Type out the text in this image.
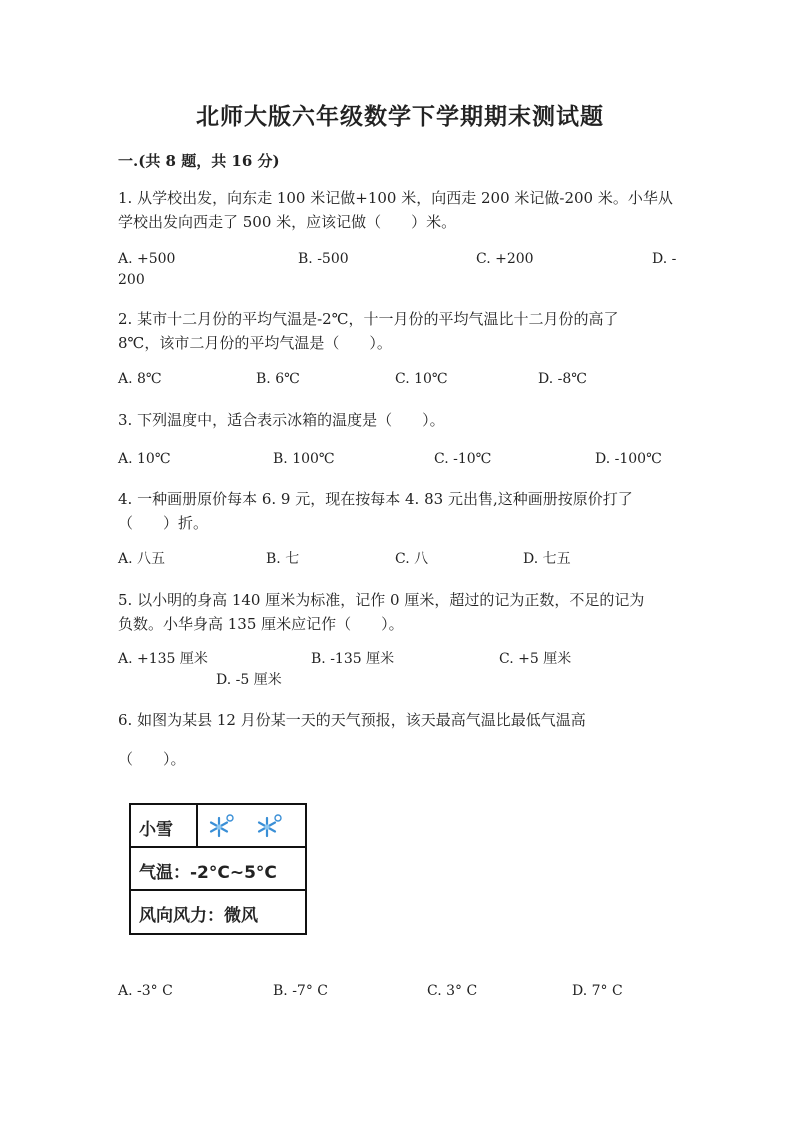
北师大版六年级数学下学期期末测试题
一.(共 8 题，共 16 分)
1. 从学校出发，向东走 100 米记做+100 米，向西走 200 米记做-200 米。小华从
学校出发向西走了 500 米，应该记做（　　）米。
A. +500	B. -500	C. +200	D. -
200
2. 某市十二月份的平均气温是-2℃，十一月份的平均气温比十二月份的高了
8℃，该市二月份的平均气温是（　　）。
A. 8℃	B. 6℃	C. 10℃	D. -8℃
3. 下列温度中，适合表示冰箱的温度是（　　）。
A. 10℃	B. 100℃	C. -10℃	D. -100℃
4. 一种画册原价每本 6. 9 元，现在按每本 4. 83 元出售,这种画册按原价打了
（　　）折。
A. 八五	B. 七	C. 八	D. 七五
5. 以小明的身高 140 厘米为标准，记作 0 厘米，超过的记为正数，不足的记为
负数。小华身高 135 厘米应记作（　　）。
A. +135 厘米	B. -135 厘米	C. +5 厘米
D. -5 厘米
6. 如图为某县 12 月份某一天的天气预报，该天最高气温比最低气温高
（　　）。
小雪
气温：-2°C~5°C
风向风力：微风
A. -3° C	B. -7° C	C. 3° C	D. 7° C
